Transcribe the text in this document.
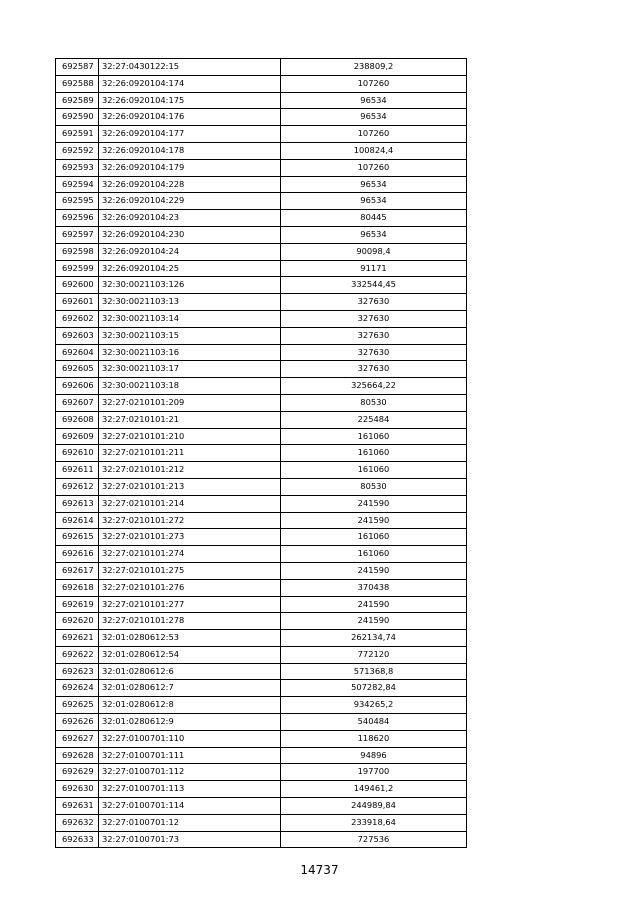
692587	32:27:0430122:15	238809,2
692588	32:26:0920104:174	107260
692589	32:26:0920104:175	96534
692590	32:26:0920104:176	96534
692591	32:26:0920104:177	107260
692592	32:26:0920104:178	100824,4
692593	32:26:0920104:179	107260
692594	32:26:0920104:228	96534
692595	32:26:0920104:229	96534
692596	32:26:0920104:23	80445
692597	32:26:0920104:230	96534
692598	32:26:0920104:24	90098,4
692599	32:26:0920104:25	91171
692600	32:30:0021103:126	332544,45
692601	32:30:0021103:13	327630
692602	32:30:0021103:14	327630
692603	32:30:0021103:15	327630
692604	32:30:0021103:16	327630
692605	32:30:0021103:17	327630
692606	32:30:0021103:18	325664,22
692607	32:27:0210101:209	80530
692608	32:27:0210101:21	225484
692609	32:27:0210101:210	161060
692610	32:27:0210101:211	161060
692611	32:27:0210101:212	161060
692612	32:27:0210101:213	80530
692613	32:27:0210101:214	241590
692614	32:27:0210101:272	241590
692615	32:27:0210101:273	161060
692616	32:27:0210101:274	161060
692617	32:27:0210101:275	241590
692618	32:27:0210101:276	370438
692619	32:27:0210101:277	241590
692620	32:27:0210101:278	241590
692621	32:01:0280612:53	262134,74
692622	32:01:0280612:54	772120
692623	32:01:0280612:6	571368,8
692624	32:01:0280612:7	507282,84
692625	32:01:0280612:8	934265,2
692626	32:01:0280612:9	540484
692627	32:27:0100701:110	118620
692628	32:27:0100701:111	94896
692629	32:27:0100701:112	197700
692630	32:27:0100701:113	149461,2
692631	32:27:0100701:114	244989,84
692632	32:27:0100701:12	233918,64
692633	32:27:0100701:73	727536
14737
